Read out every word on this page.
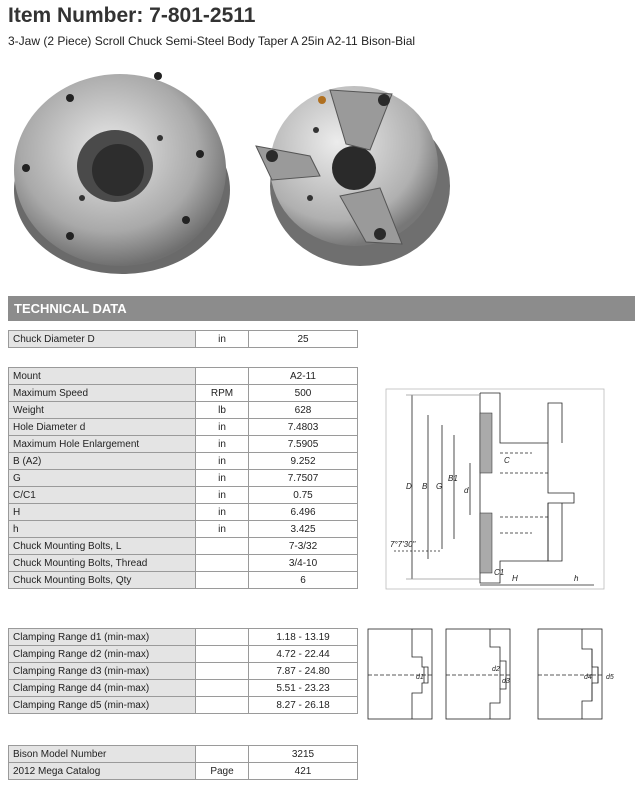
Item Number: 7-801-2511
3-Jaw (2 Piece) Scroll Chuck Semi-Steel Body Taper A 25in A2-11 Bison-Bial
TECHNICAL DATA
Chuck Diameter D	in	25
Mount		A2-11
Maximum Speed	RPM	500
Weight	lb	628
Hole Diameter d	in	7.4803
Maximum Hole Enlargement	in	7.5905
B (A2)	in	9.252
G	in	7.7507
C/C1	in	0.75
H	in	6.496
h	in	3.425
Chuck Mounting Bolts, L		7-3/32
Chuck Mounting Bolts, Thread		3/4-10
Chuck Mounting Bolts, Qty		6
D B G
B1
d
C
C1
H	h
7°7'30"
Clamping Range d1 (min-max)		1.18 - 13.19
Clamping Range d2 (min-max)		4.72 - 22.44
Clamping Range d3 (min-max)		7.87 - 24.80
Clamping Range d4 (min-max)		5.51 - 23.23
Clamping Range d5 (min-max)		8.27 - 26.18
d1
d2
d3
d4 d5
Bison Model Number		3215
2012 Mega Catalog	Page	421
